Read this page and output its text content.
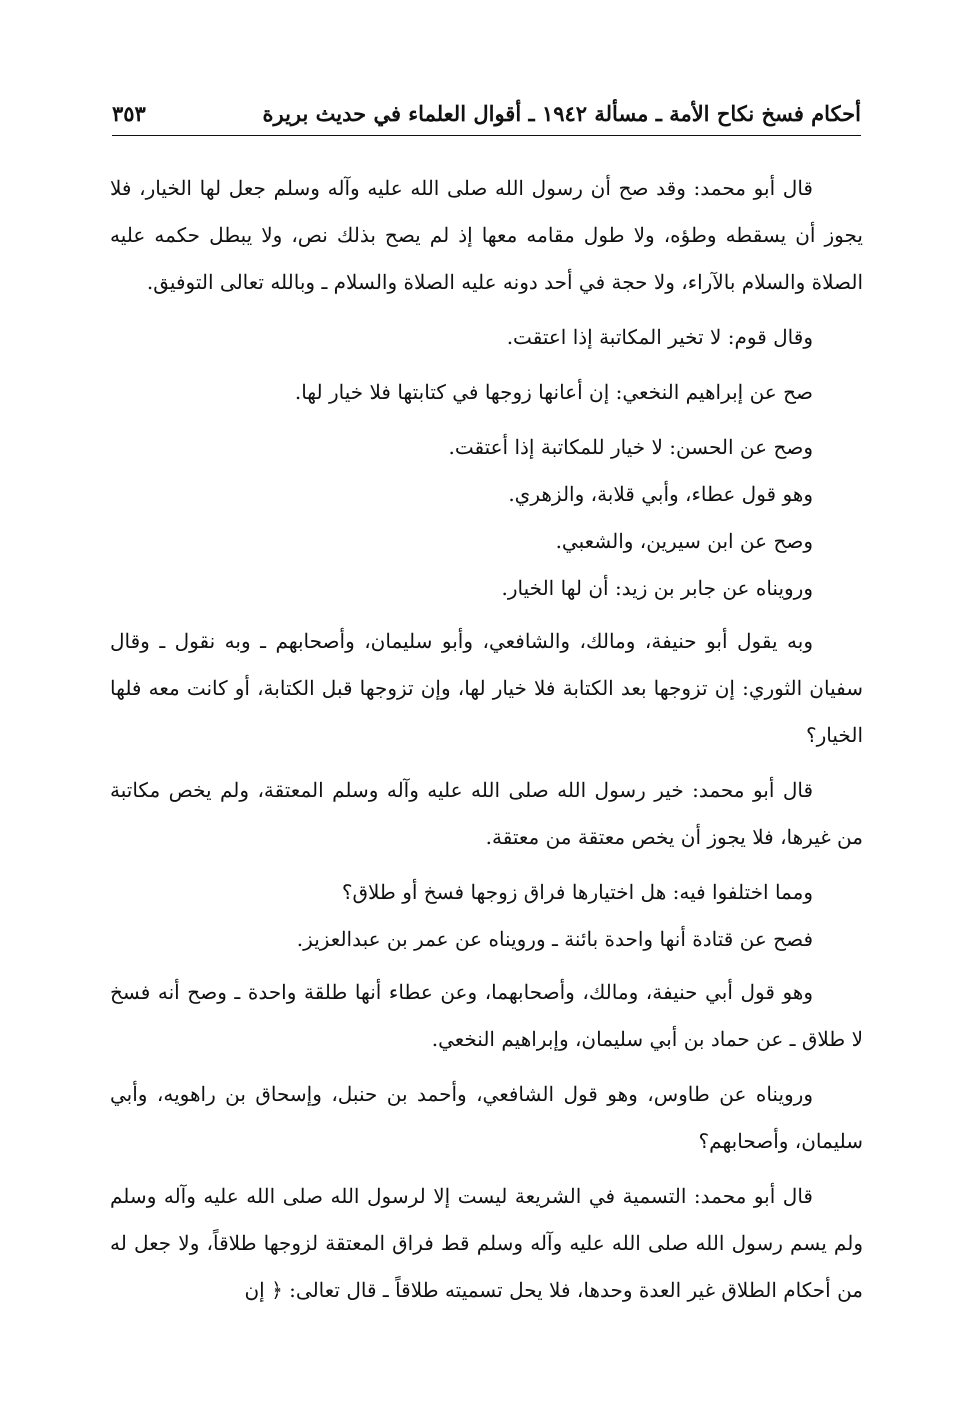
أحكام فسخ نكاح الأمة ـ مسألة ١٩٤٢ ـ أقوال العلماء في حديث بريرة
٣٥٣

قال أبو محمد: وقد صح أن رسول الله صلى الله عليه وآله وسلم جعل لها الخيار، فلا يجوز أن يسقطه وطؤه، ولا طول مقامه معها إذ لم يصح بذلك نص، ولا يبطل حكمه عليه الصلاة والسلام بالآراء، ولا حجة في أحد دونه عليه الصلاة والسلام ـ وبالله تعالى التوفيق.

وقال قوم: لا تخير المكاتبة إذا اعتقت.

صح عن إبراهيم النخعي: إن أعانها زوجها في كتابتها فلا خيار لها.

وصح عن الحسن: لا خيار للمكاتبة إذا أعتقت.

وهو قول عطاء، وأبي قلابة، والزهري.

وصح عن ابن سيرين، والشعبي.

ورويناه عن جابر بن زيد: أن لها الخيار.

وبه يقول أبو حنيفة، ومالك، والشافعي، وأبو سليمان، وأصحابهم ـ وبه نقول ـ وقال سفيان الثوري: إن تزوجها بعد الكتابة فلا خيار لها، وإن تزوجها قبل الكتابة، أو كانت معه فلها الخيار؟

قال أبو محمد: خير رسول الله صلى الله عليه وآله وسلم المعتقة، ولم يخص مكاتبة من غيرها، فلا يجوز أن يخص معتقة من معتقة.

ومما اختلفوا فيه: هل اختيارها فراق زوجها فسخ أو طلاق؟

فصح عن قتادة أنها واحدة بائنة ـ ورويناه عن عمر بن عبدالعزيز.

وهو قول أبي حنيفة، ومالك، وأصحابهما، وعن عطاء أنها طلقة واحدة ـ وصح أنه فسخ لا طلاق ـ عن حماد بن أبي سليمان، وإبراهيم النخعي.

ورويناه عن طاوس، وهو قول الشافعي، وأحمد بن حنبل، وإسحاق بن راهويه، وأبي سليمان، وأصحابهم؟

قال أبو محمد: التسمية في الشريعة ليست إلا لرسول الله صلى الله عليه وآله وسلم ولم يسم رسول الله صلى الله عليه وآله وسلم قط فراق المعتقة لزوجها طلاقاً، ولا جعل له من أحكام الطلاق غير العدة وحدها، فلا يحل تسميته طلاقاً ـ قال تعالى: ﴿ إن
